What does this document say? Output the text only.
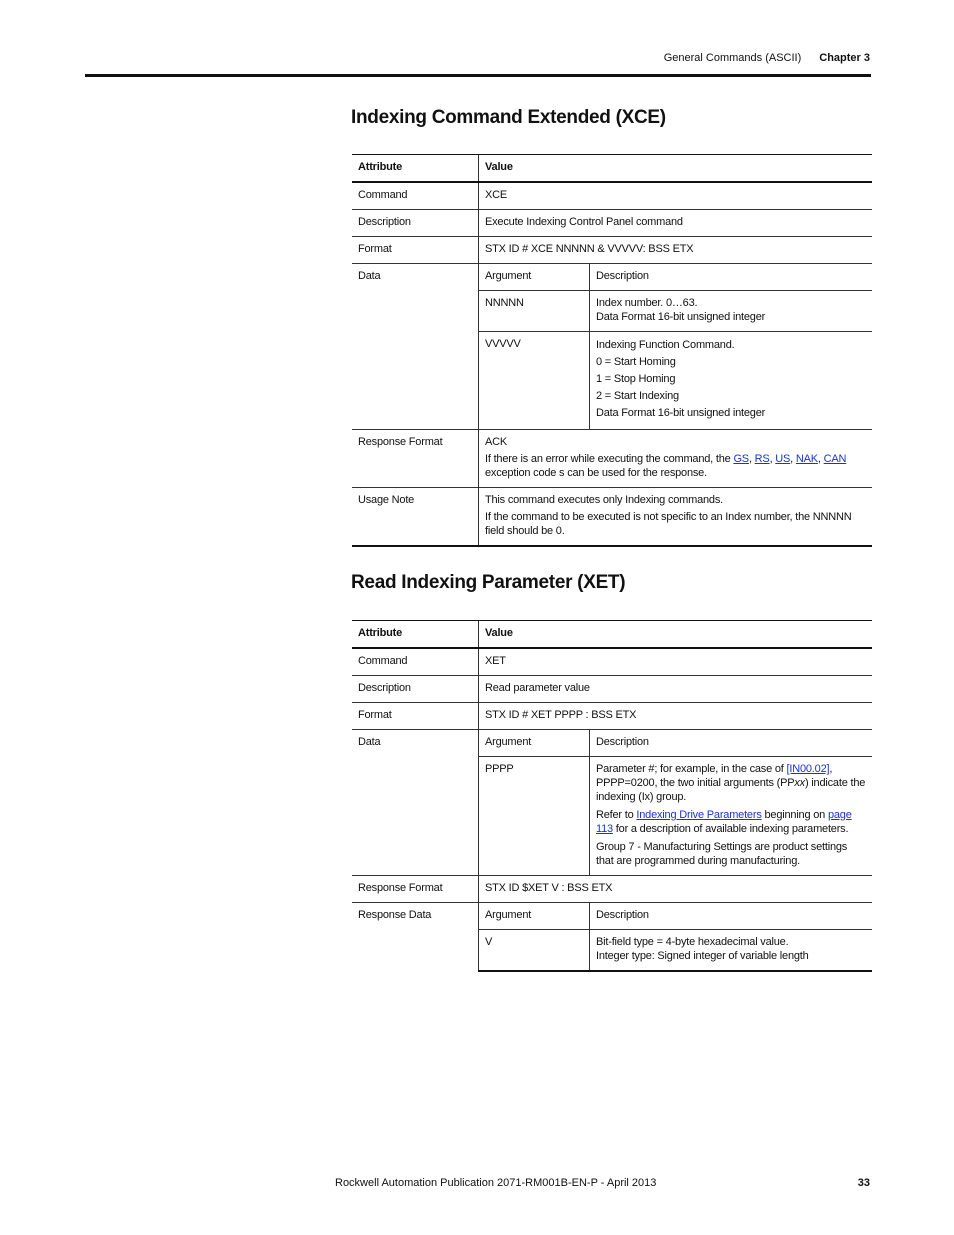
General Commands (ASCII) Chapter 3
Indexing Command Extended (XCE)
Attribute	Value	
Command	XCE	
Description	Execute Indexing Control Panel command	
Format	STX ID # XCE NNNNN & VVVVV: BSS ETX	
Data	Argument	Description
	NNNNN	Index number. 0…63.
Data Format 16-bit unsigned integer

	VVVVV	Indexing Function Command.
0 = Start Homing
1 = Stop Homing
2 = Start Indexing
Data Format 16-bit unsigned integer

Response Format	ACK
If there is an error while executing the command, the GS, RS, US, NAK, CAN exception code s can be used for the response.	

Usage Note	This command executes only Indexing commands.
If the command to be executed is not specific to an Index number, the NNNNN field should be 0.	
Read Indexing Parameter (XET)
Attribute	Value	
Command	XET	
Description	Read parameter value	
Format	STX ID # XET PPPP : BSS ETX	
Data	Argument	Description
	PPPP	Parameter #; for example, in the case of [IN00.02], PPPP=0200, the two initial arguments (PPxx) indicate the indexing (Ix) group.
Refer to Indexing Drive Parameters beginning on page 113 for a description of available indexing parameters.
Group 7 - Manufacturing Settings are product settings that are programmed during manufacturing.

Response Format	STX ID $XET V : BSS ETX	
Response Data	Argument	Description
	V	Bit-field type = 4-byte hexadecimal value.
Integer type: Signed integer of variable length
Rockwell Automation Publication 2071-RM001B-EN-P - April 2013	33
